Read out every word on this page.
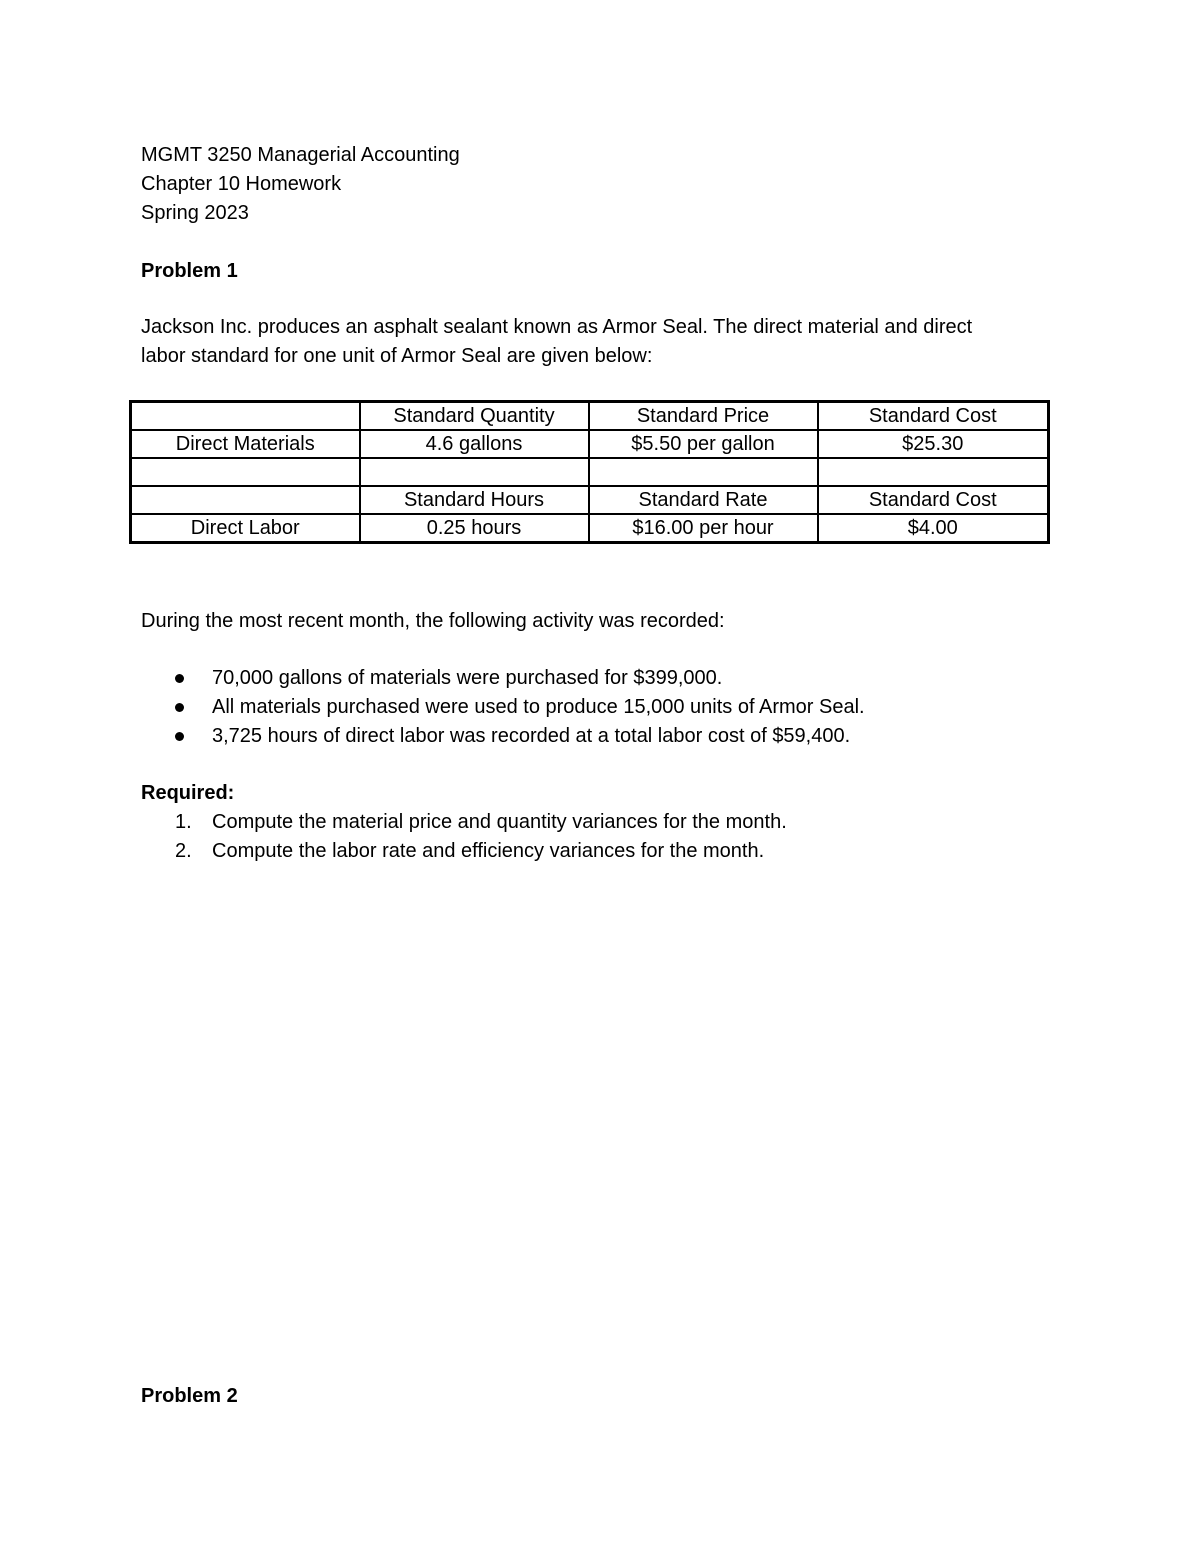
MGMT 3250 Managerial Accounting
Chapter 10 Homework
Spring 2023
Problem 1
Jackson Inc. produces an asphalt sealant known as Armor Seal. The direct material and direct
labor standard for one unit of Armor Seal are given below:
	Standard Quantity	Standard Price	Standard Cost
Direct Materials	4.6 gallons	$5.50 per gallon	$25.30

	Standard Hours	Standard Rate	Standard Cost
Direct Labor	0.25 hours	$16.00 per hour	$4.00
During the most recent month, the following activity was recorded:
70,000 gallons of materials were purchased for $399,000.
All materials purchased were used to produce 15,000 units of Armor Seal.
3,725 hours of direct labor was recorded at a total labor cost of $59,400.
Required:
1. Compute the material price and quantity variances for the month.
2. Compute the labor rate and efficiency variances for the month.
Problem 2
